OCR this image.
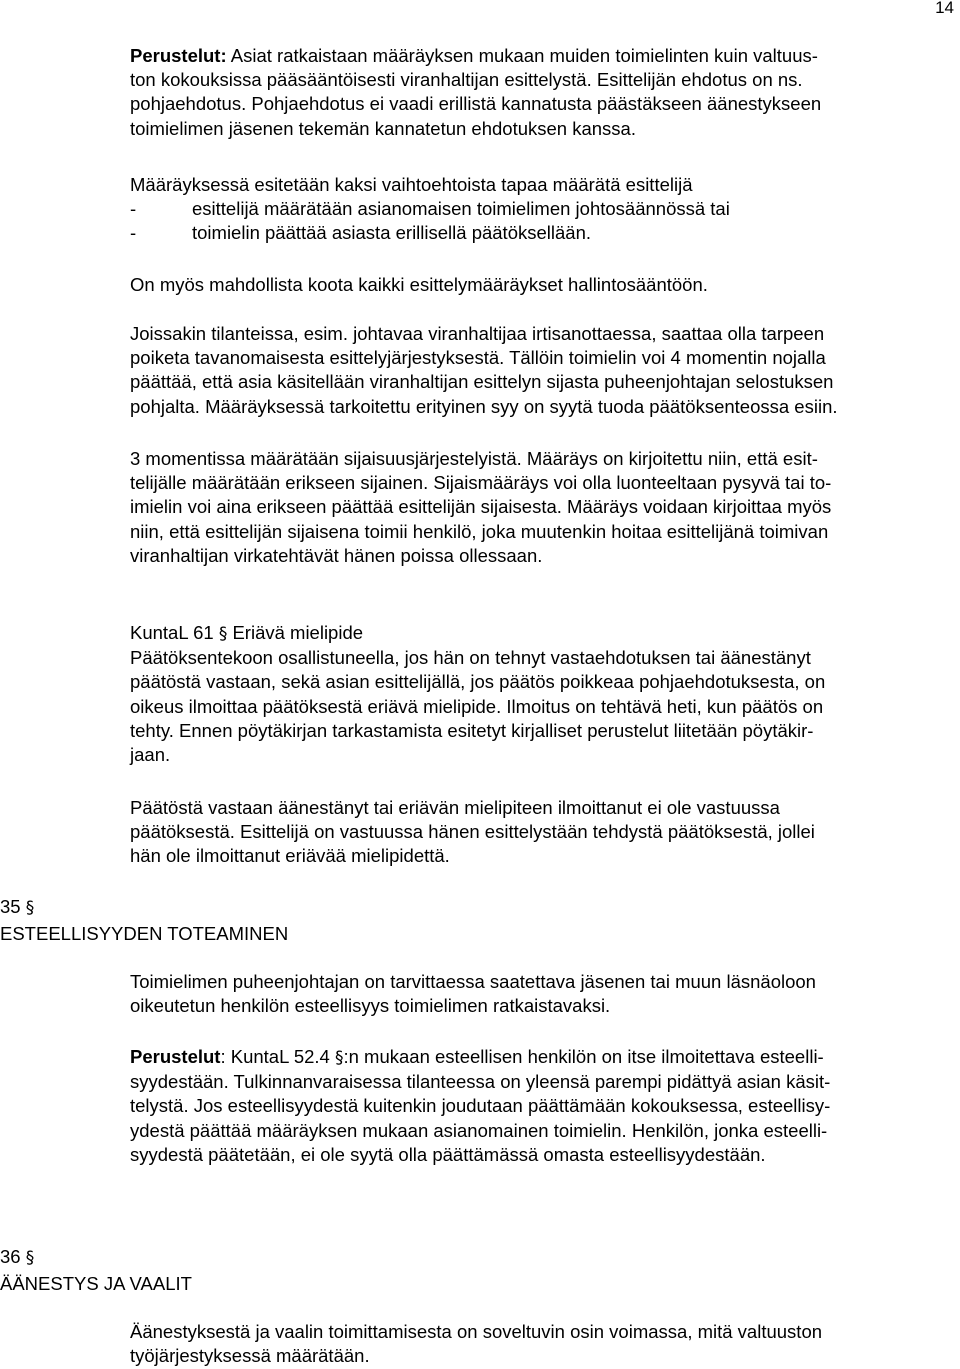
14

Perustelut: Asiat ratkaistaan määräyksen mukaan muiden toimielinten kuin valtuus-

ton kokouksissa pääsääntöisesti viranhaltijan esittelystä. Esittelijän ehdotus on ns.

pohjaehdotus. Pohjaehdotus ei vaadi erillistä kannatusta päästäkseen äänestykseen

toimielimen jäsenen tekemän kannatetun ehdotuksen kanssa.

Määräyksessä esitetään kaksi vaihtoehtoista tapaa määrätä esittelijä

-	esittelijä määrätään asianomaisen toimielimen johtosäännössä tai
-	toimielin päättää asiasta erillisellä päätöksellään.

On myös mahdollista koota kaikki esittelymääräykset hallintosääntöön.

Joissakin tilanteissa, esim. johtavaa viranhaltijaa irtisanottaessa, saattaa olla tarpeen

poiketa tavanomaisesta esittelyjärjestyksestä. Tällöin toimielin voi 4 momentin nojalla

päättää, että asia käsitellään viranhaltijan esittelyn sijasta puheenjohtajan selostuksen

pohjalta. Määräyksessä tarkoitettu erityinen syy on syytä tuoda päätöksenteossa esiin.

3 momentissa määrätään sijaisuusjärjestelyistä. Määräys on kirjoitettu niin, että esit-

telijälle määrätään erikseen sijainen. Sijaismääräys voi olla luonteeltaan pysyvä tai to-

imielin voi aina erikseen päättää esittelijän sijaisesta. Määräys voidaan kirjoittaa myös

niin, että esittelijän sijaisena toimii henkilö, joka muutenkin hoitaa esittelijänä toimivan

viranhaltijan virkatehtävät hänen poissa ollessaan.

KuntaL 61 § Eriävä mielipide

Päätöksentekoon osallistuneella, jos hän on tehnyt vastaehdotuksen tai äänestänyt

päätöstä vastaan, sekä asian esittelijällä, jos päätös poikkeaa pohjaehdotuksesta, on

oikeus ilmoittaa päätöksestä eriävä mielipide. Ilmoitus on tehtävä heti, kun päätös on

tehty. Ennen pöytäkirjan tarkastamista esitetyt kirjalliset perustelut liitetään pöytäkir-

jaan.

Päätöstä vastaan äänestänyt tai eriävän mielipiteen ilmoittanut ei ole vastuussa

päätöksestä. Esittelijä on vastuussa hänen esittelystään tehdystä päätöksestä, jollei

hän ole ilmoittanut eriävää mielipidettä.

35 §
ESTEELLISYYDEN TOTEAMINEN

Toimielimen puheenjohtajan on tarvittaessa saatettava jäsenen tai muun läsnäoloon

oikeutetun henkilön esteellisyys toimielimen ratkaistavaksi.

Perustelut: KuntaL 52.4 §:n mukaan esteellisen henkilön on itse ilmoitettava esteelli-

syydestään. Tulkinnanvaraisessa tilanteessa on yleensä parempi pidättyä asian käsit-

telystä. Jos esteellisyydestä kuitenkin joudutaan päättämään kokouksessa, esteellisy-

ydestä päättää määräyksen mukaan asianomainen toimielin. Henkilön, jonka esteelli-

syydestä päätetään, ei ole syytä olla päättämässä omasta esteellisyydestään.

36 §
ÄÄNESTYS JA VAALIT

Äänestyksestä ja vaalin toimittamisesta on soveltuvin osin voimassa, mitä valtuuston

työjärjestyksessä määrätään.
